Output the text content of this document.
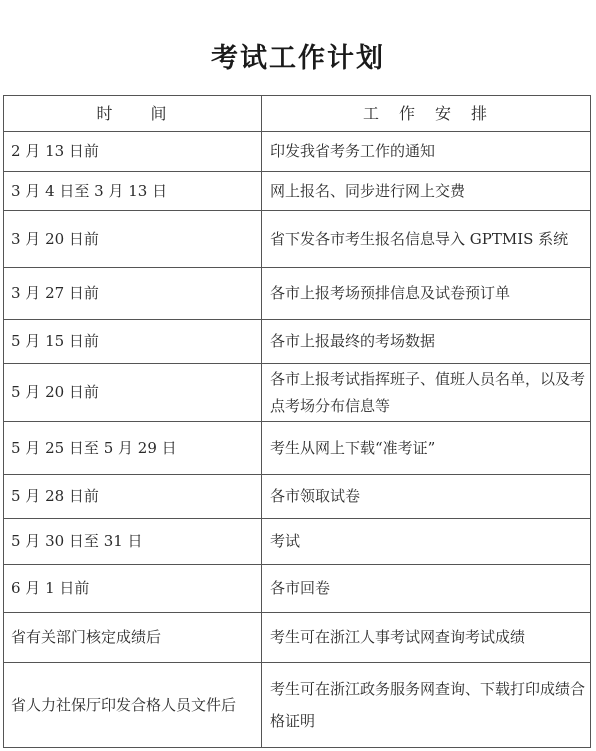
考试工作计划
时　　间	工　作　安　排
2 月 13 日前	印发我省考务工作的通知
3 月 4 日至 3 月 13 日	网上报名、同步进行网上交费
3 月 20 日前	省下发各市考生报名信息导入 GPTMIS 系统
3 月 27 日前	各市上报考场预排信息及试卷预订单
5 月 15 日前	各市上报最终的考场数据
5 月 20 日前	各市上报考试指挥班子、值班人员名单，以及考点考场分布信息等
5 月 25 日至 5 月 29 日	考生从网上下载“准考证”
5 月 28 日前	各市领取试卷
5 月 30 日至 31 日	考试
6 月 1 日前	各市回卷
省有关部门核定成绩后	考生可在浙江人事考试网查询考试成绩
省人力社保厅印发合格人员文件后	考生可在浙江政务服务网查询、下载打印成绩合格证明
